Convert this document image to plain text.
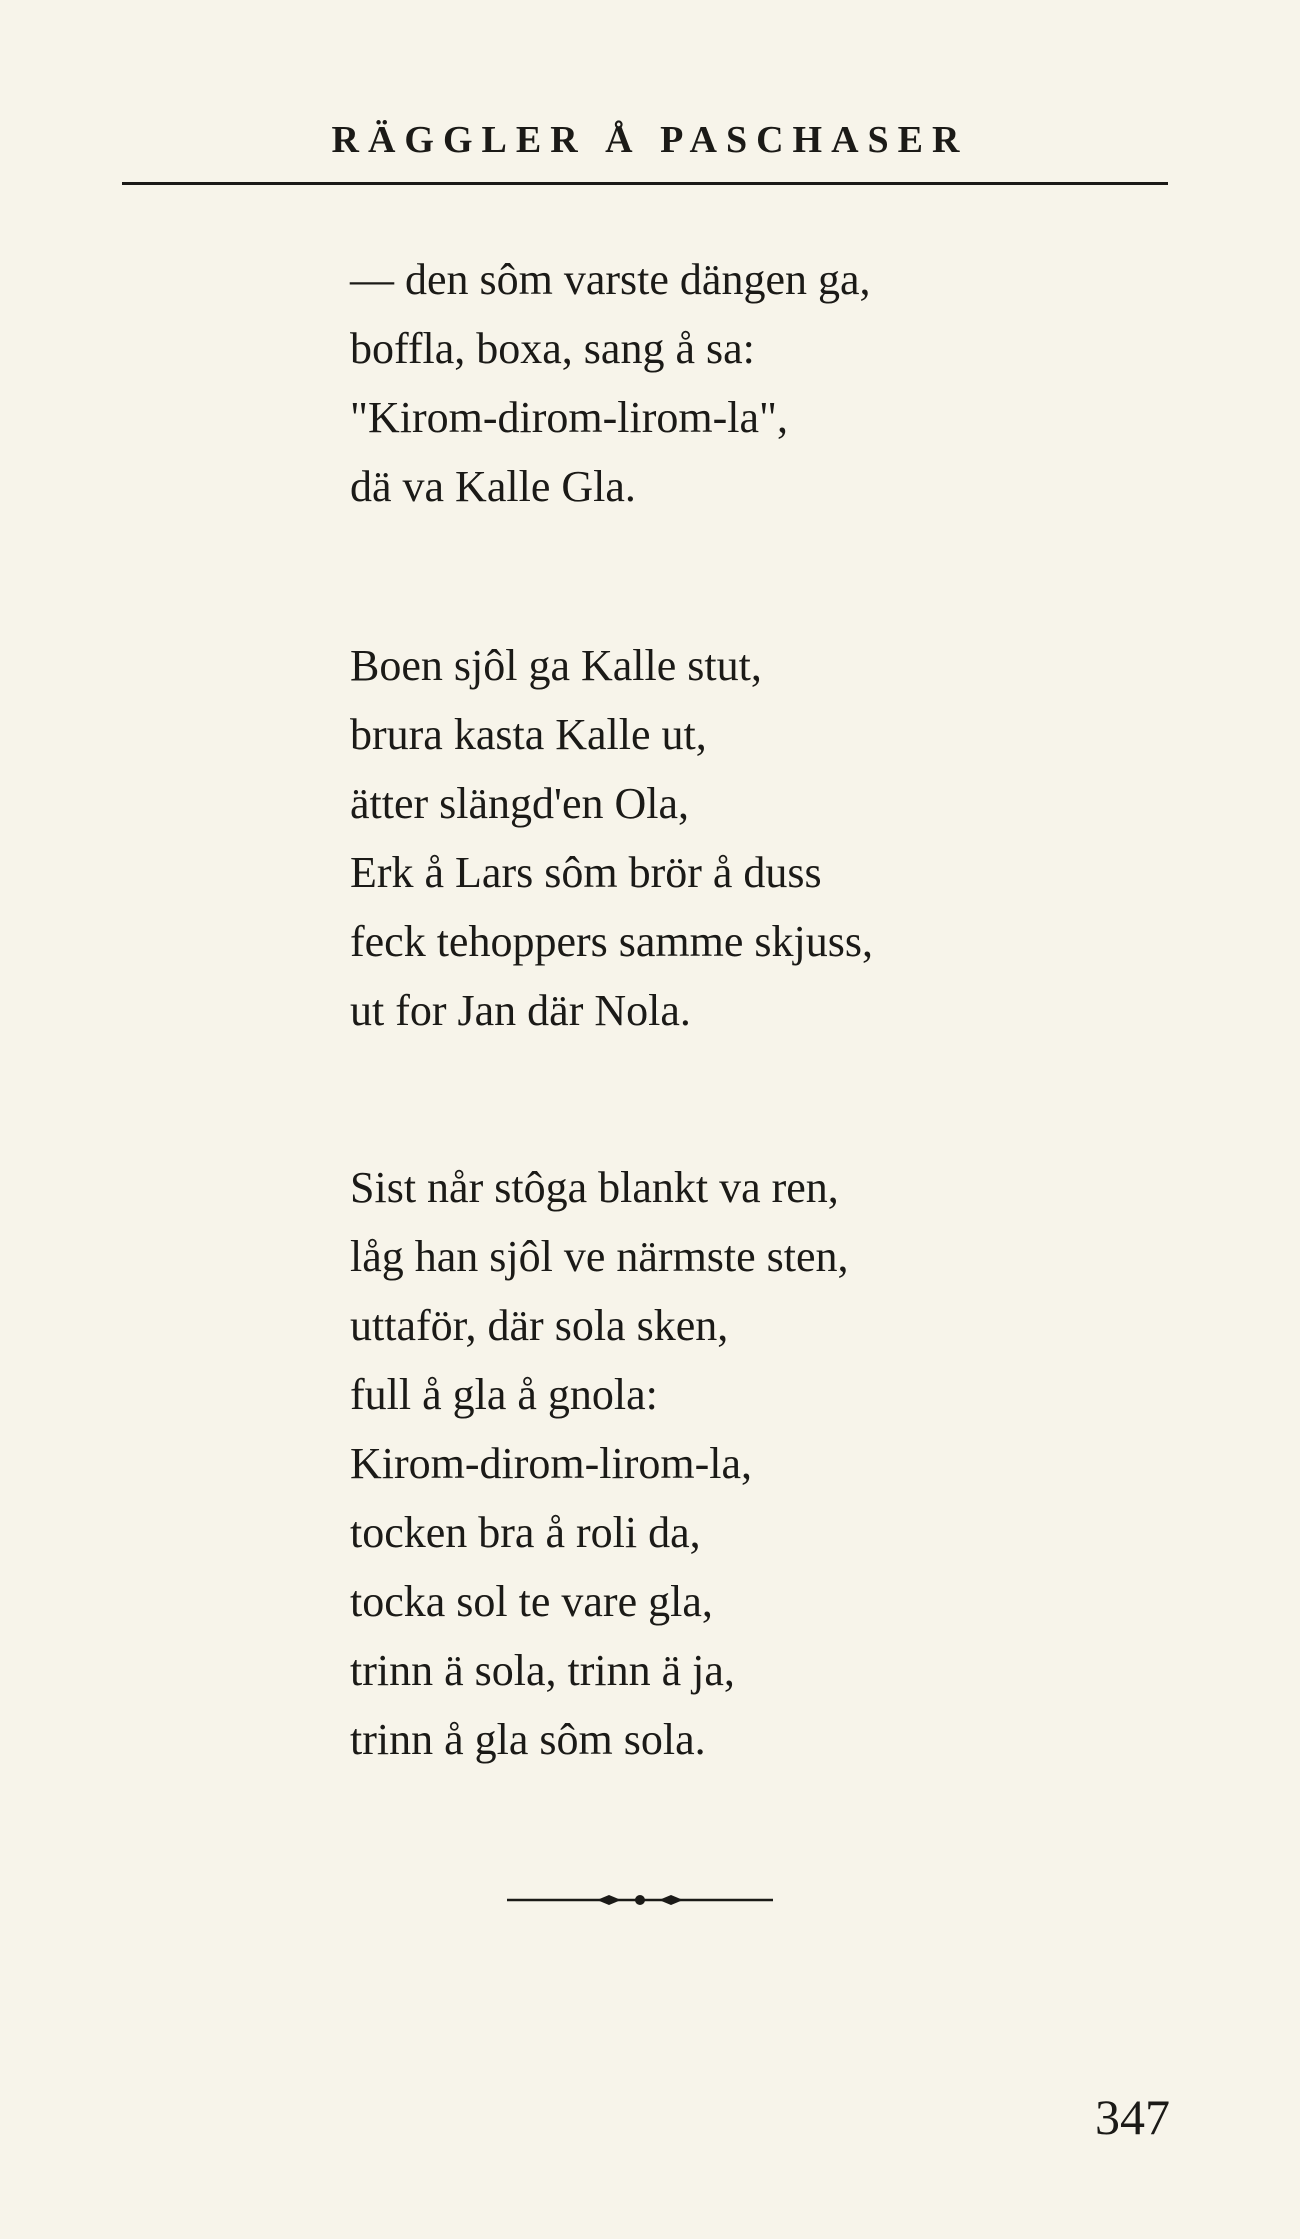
RÄGGLER Å PASCHASER
— den sôm varste dängen ga,
boffla, boxa, sang å sa:
"Kirom-dirom-lirom-la",
dä va Kalle Gla.
Boen sjôl ga Kalle stut,
brura kasta Kalle ut,
ätter slängd'en Ola,
Erk å Lars sôm brör å duss
feck tehoppers samme skjuss,
ut for Jan där Nola.
Sist når stôga blankt va ren,
låg han sjôl ve närmste sten,
uttaför, där sola sken,
full å gla å gnola:
Kirom-dirom-lirom-la,
tocken bra å roli da,
tocka sol te vare gla,
trinn ä sola, trinn ä ja,
trinn å gla sôm sola.
347
